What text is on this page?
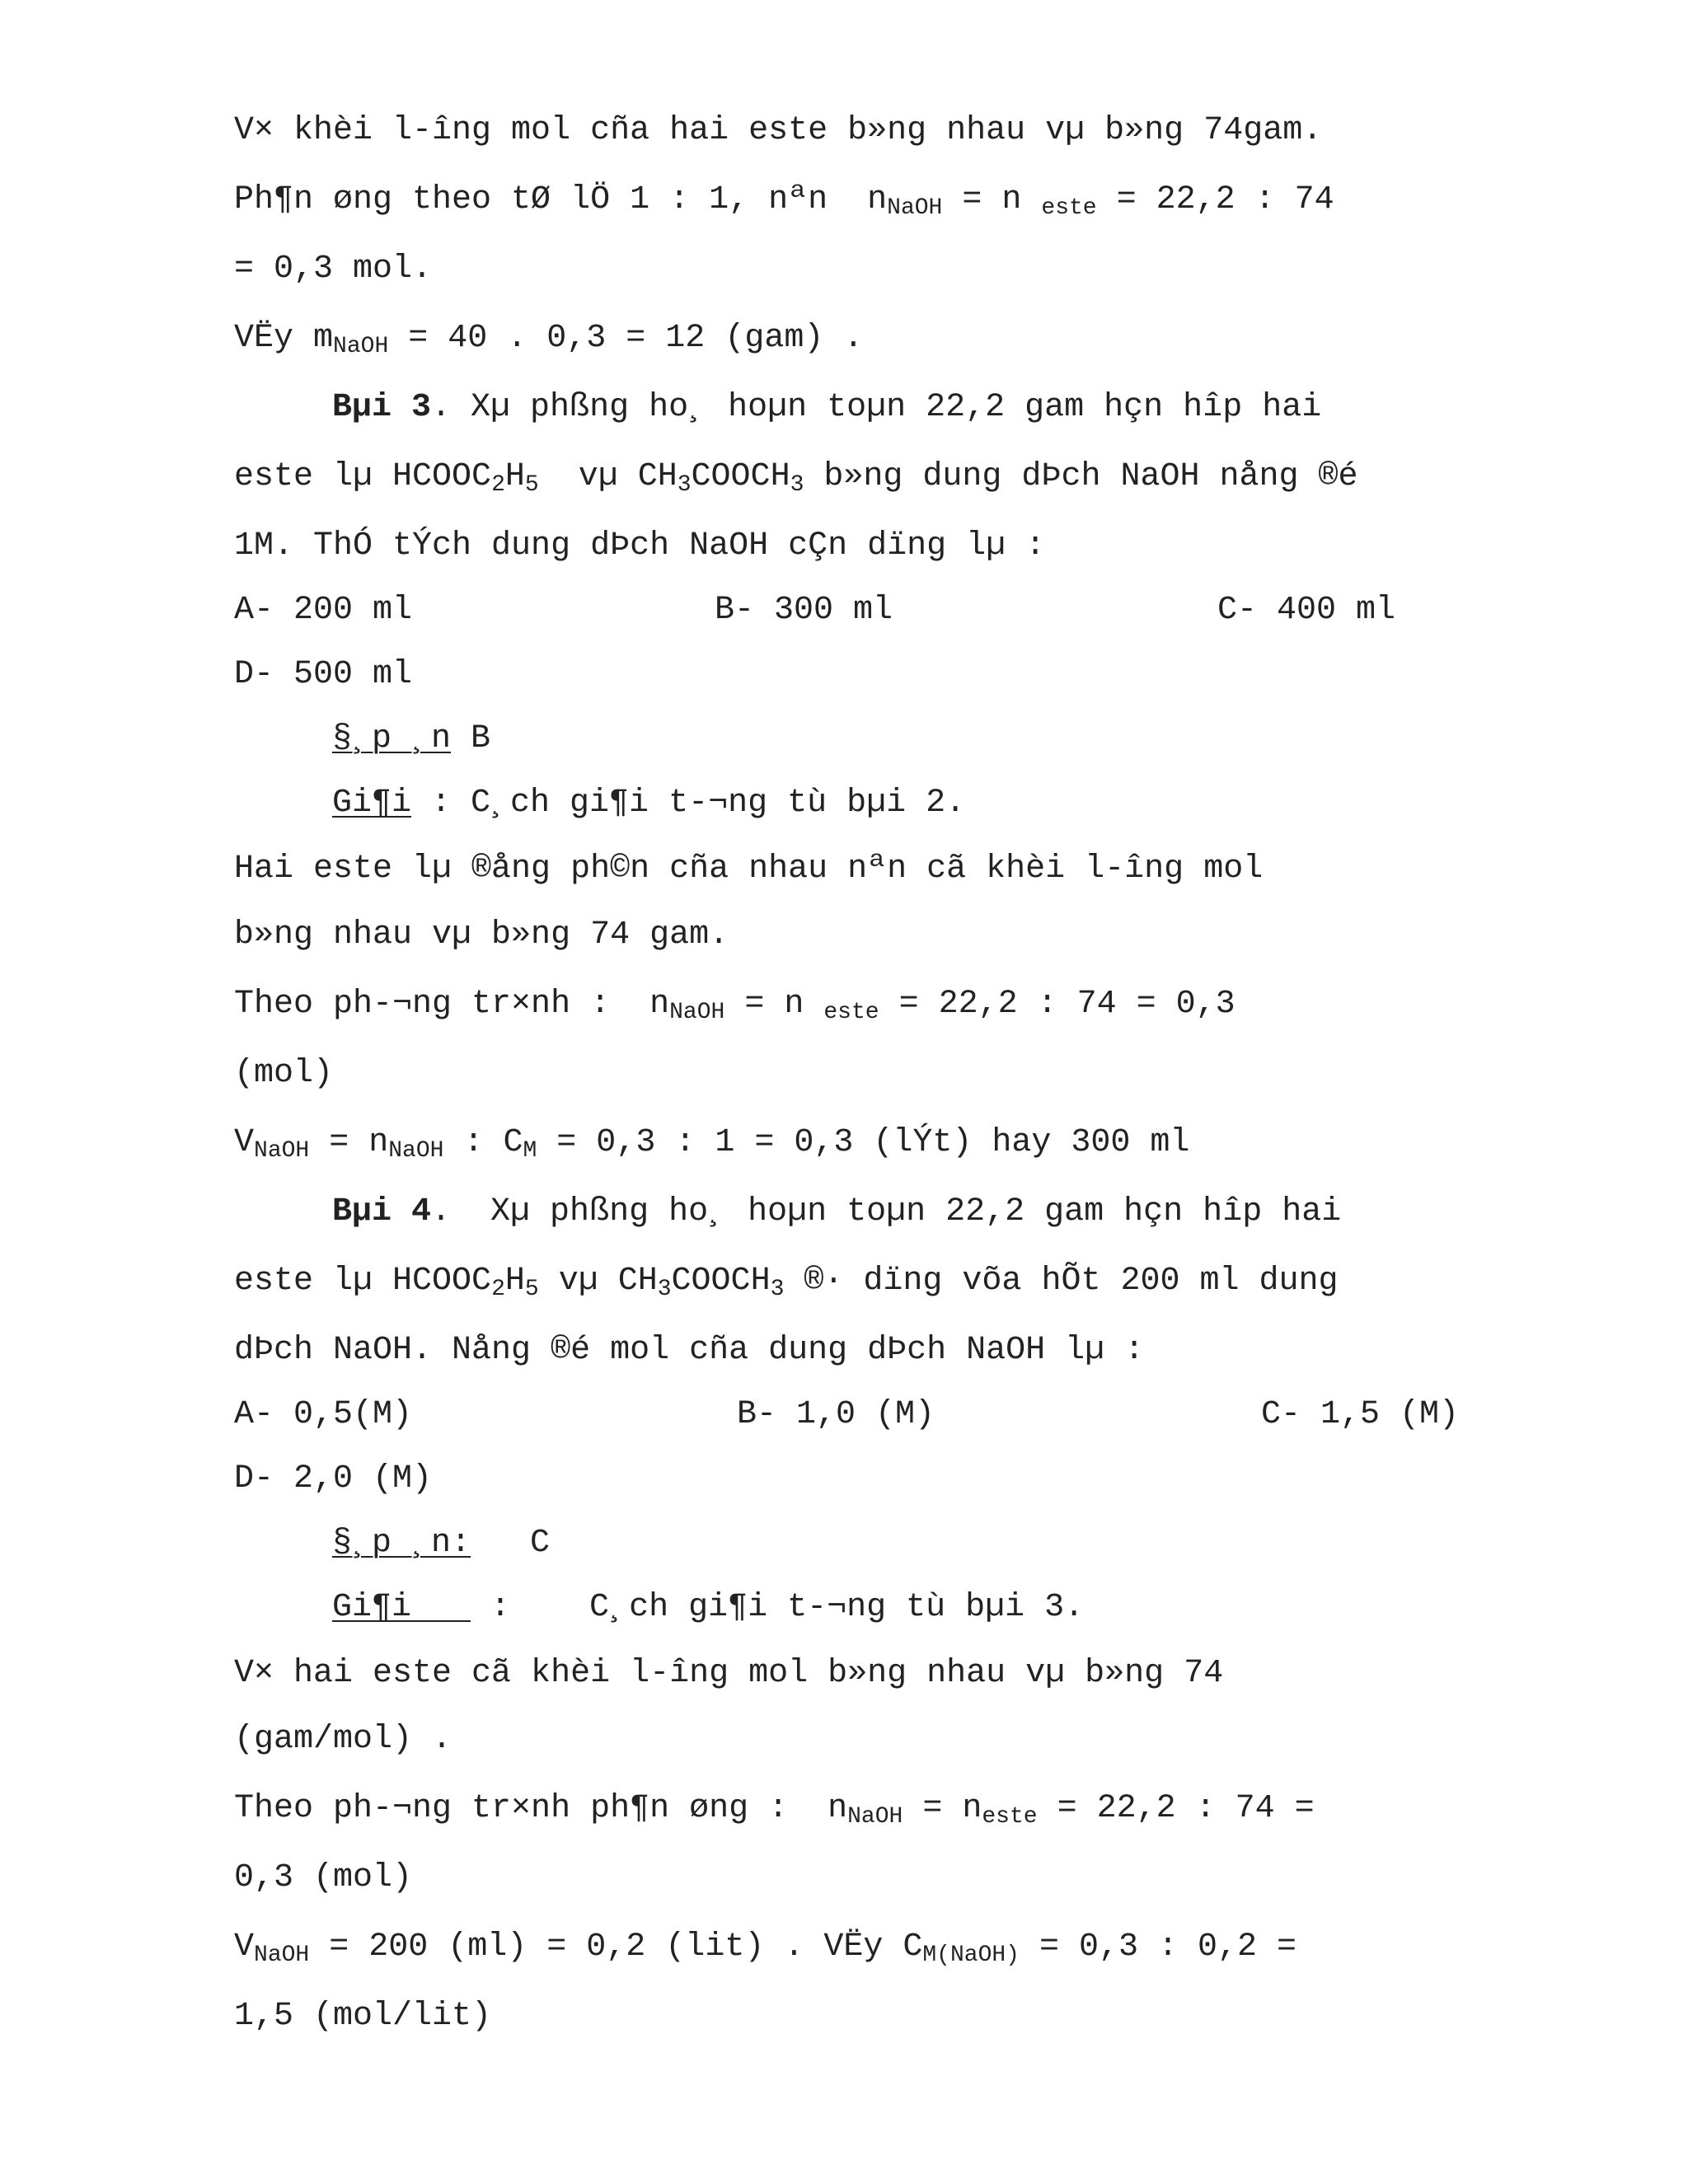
V× khèi l-îng mol cña hai este b»ng nhau vµ b»ng 74gam.
Ph¶n øng theo tØ lÖ 1 : 1, nªn  $n_{NaOH} = n$ $_{este}$ = 22,2 : 74
= 0,3 mol.
VËy $m_{NaOH} = 40$ . 0,3 = 12 (gam) .
Bµi 3. Xµ phßng ho¸ hoµn toµn 22,2 gam hçn hîp hai
este lµ $HCOOC_2H_5$  vµ $CH_3COOCH_3$ b»ng dung dÞch NaOH nång ®é
1M. ThÓ tÝch dung dÞch NaOH cÇn dïng lµ :
A- 200 ml	B- 300 ml	C- 400 ml
D- 500 ml
§¸p ¸n B
Gi¶i : C¸ch gi¶i t-¬ng tù bµi 2.
Hai este lµ ®ång ph©n cña nhau nªn cã khèi l-îng mol
b»ng nhau vµ b»ng 74 gam.
Theo ph-¬ng tr×nh :  $n_{NaOH} = n$ $_{este}$ = 22,2 : 74 = 0,3
(mol)
$V_{NaOH} = n_{NaOH}$ : $C_M = 0,3$ : 1 = 0,3 (lÝt) hay 300 ml
Bµi 4.  Xµ phßng ho¸ hoµn toµn 22,2 gam hçn hîp hai
este lµ $HCOOC_2H_5$ vµ $CH_3COOCH_3$ ®· dïng võa hÕt 200 ml dung
dÞch NaOH. Nång ®é mol cña dung dÞch NaOH lµ :
A- 0,5(M)	B- 1,0 (M)	C- 1,5 (M)
D- 2,0 (M)
§¸p ¸n:   C
Gi¶i    :    C¸ch gi¶i t-¬ng tù bµi 3.
V× hai este cã khèi l-îng mol b»ng nhau vµ b»ng 74
(gam/mol) .
Theo ph-¬ng tr×nh ph¶n øng :  $n_{NaOH} = n_{este} = 22,2$ : 74 =
0,3 (mol)
$V_{NaOH} = 200$ (ml) = 0,2 (lit) . VËy $C_{M(NaOH)} = 0,3$ : 0,2 =
1,5 (mol/lit)
